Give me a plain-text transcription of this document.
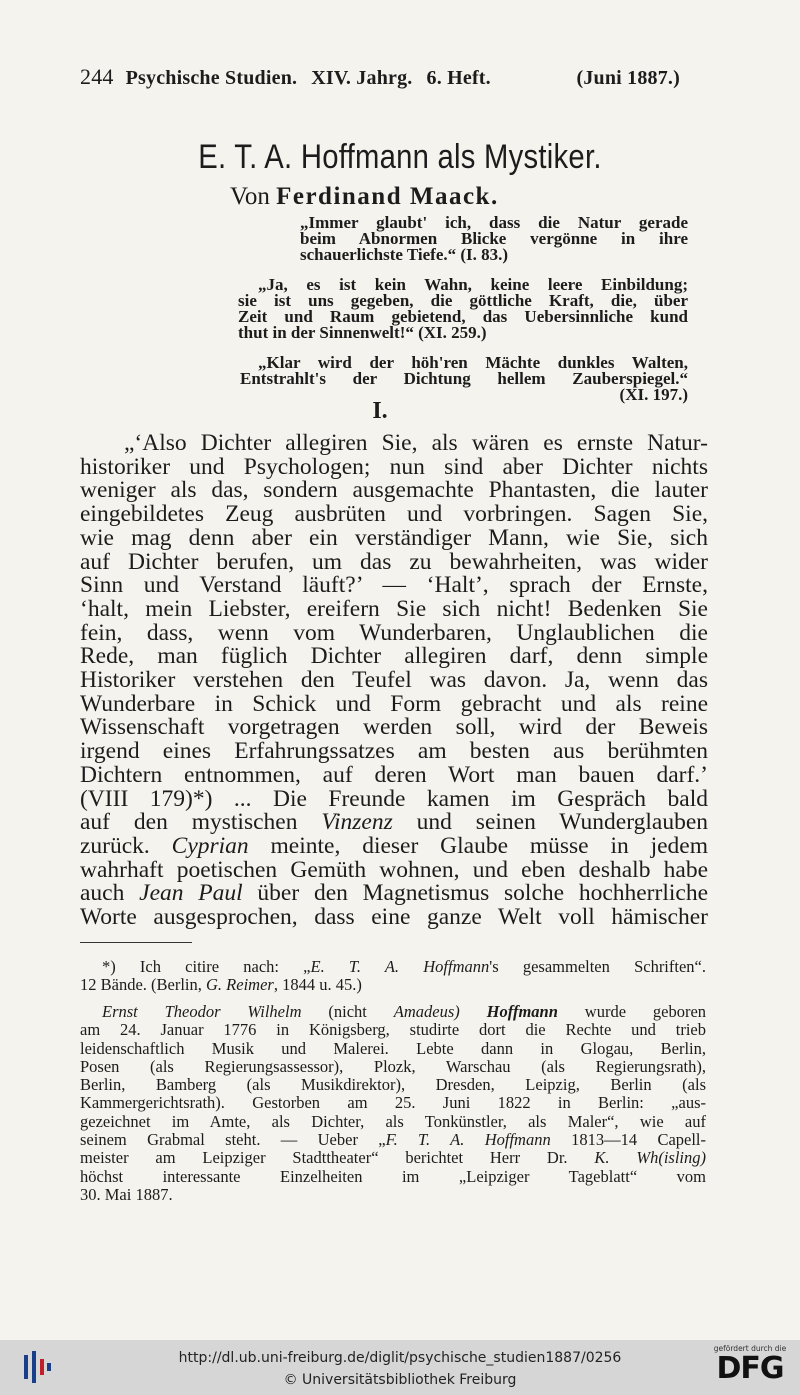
244 Psychische Studien. XIV. Jahrg. 6. Heft.	(Juni 1887.)
E. T. A. Hoffmann als Mystiker.
Von Ferdinand Maack.
„Immer glaubt' ich, dass die Natur gerade
beim Abnormen Blicke vergönne in ihre
schauerlichste Tiefe.“ (I. 83.)
„Ja, es ist kein Wahn, keine leere Einbildung;
sie ist uns gegeben, die göttliche Kraft, die, über
Zeit und Raum gebietend, das Uebersinnliche kund
thut in der Sinnenwelt!“ (XI. 259.)
„Klar wird der höh'ren Mächte dunkles Walten,
Entstrahlt's der Dichtung hellem Zauberspiegel.“
(XI. 197.)
I.
„‘Also Dichter allegiren Sie, als wären es ernste Natur-
historiker und Psychologen; nun sind aber Dichter nichts
weniger als das, sondern ausgemachte Phantasten, die lauter
eingebildetes Zeug ausbrüten und vorbringen. Sagen Sie,
wie mag denn aber ein verständiger Mann, wie Sie, sich
auf Dichter berufen, um das zu bewahrheiten, was wider
Sinn und Verstand läuft?’ — ‘Halt’, sprach der Ernste,
‘halt, mein Liebster, ereifern Sie sich nicht! Bedenken Sie
fein, dass, wenn vom Wunderbaren, Unglaublichen die
Rede, man füglich Dichter allegiren darf, denn simple
Historiker verstehen den Teufel was davon. Ja, wenn das
Wunderbare in Schick und Form gebracht und als reine
Wissenschaft vorgetragen werden soll, wird der Beweis
irgend eines Erfahrungssatzes am besten aus berühmten
Dichtern entnommen, auf deren Wort man bauen darf.’
(VIII 179)*) ... Die Freunde kamen im Gespräch bald
auf den mystischen Vinzenz und seinen Wunderglauben
zurück. Cyprian meinte, dieser Glaube müsse in jedem
wahrhaft poetischen Gemüth wohnen, und eben deshalb habe
auch Jean Paul über den Magnetismus solche hochherrliche
Worte ausgesprochen, dass eine ganze Welt voll hämischer
*) Ich citire nach: „E. T. A. Hoffmann's gesammelten Schriften“.
12 Bände. (Berlin, G. Reimer, 1844 u. 45.)
Ernst Theodor Wilhelm (nicht Amadeus) Hoffmann wurde geboren
am 24. Januar 1776 in Königsberg, studirte dort die Rechte und trieb
leidenschaftlich Musik und Malerei. Lebte dann in Glogau, Berlin,
Posen (als Regierungsassessor), Plozk, Warschau (als Regierungsrath),
Berlin, Bamberg (als Musikdirektor), Dresden, Leipzig, Berlin (als
Kammergerichtsrath). Gestorben am 25. Juni 1822 in Berlin: „aus-
gezeichnet im Amte, als Dichter, als Tonkünstler, als Maler“, wie auf
seinem Grabmal steht. — Ueber „F. T. A. Hoffmann 1813—14 Capell-
meister am Leipziger Stadttheater“ berichtet Herr Dr. K. Wh(isling)
höchst interessante Einzelheiten im „Leipziger Tageblatt“ vom
30. Mai 1887.
http://dl.ub.uni-freiburg.de/diglit/psychische_studien1887/0256
© Universitätsbibliothek Freiburg
gefördert durch die
DFG
